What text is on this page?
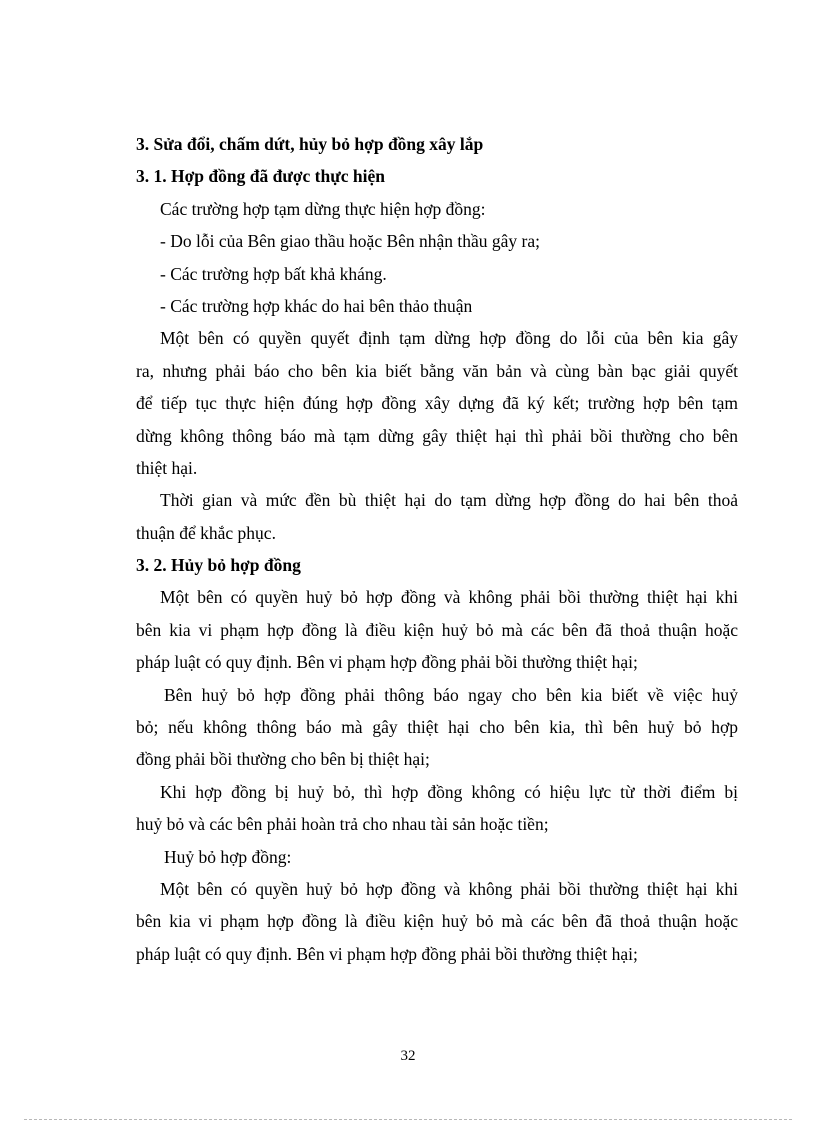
3. Sửa đổi, chấm dứt, hủy bỏ hợp đồng xây lắp
3. 1. Hợp đồng đã được thực hiện
Các trường hợp tạm dừng thực hiện hợp đồng:
- Do lỗi của Bên giao thầu hoặc Bên nhận thầu gây ra;
- Các trường hợp bất khả kháng.
- Các trường hợp khác do hai bên thảo thuận
Một bên có quyền quyết định tạm dừng hợp đồng do lỗi của bên kia gây
ra, nhưng phải báo cho bên kia biết bằng văn bản và cùng bàn bạc giải quyết
để tiếp tục thực hiện đúng hợp đồng xây dựng đã ký kết; trường hợp bên tạm
dừng không thông báo mà tạm dừng gây thiệt hại thì phải bồi thường cho bên
thiệt hại.
Thời gian và mức đền bù thiệt hại do tạm dừng hợp đồng do hai bên thoả
thuận để khắc phục.
3. 2. Hủy bỏ hợp đồng
Một bên có quyền huỷ bỏ hợp đồng và không phải bồi thường thiệt hại khi
bên kia vi phạm hợp đồng là điều kiện huỷ bỏ mà các bên đã thoả thuận hoặc
pháp luật có quy định. Bên vi phạm hợp đồng phải bồi thường thiệt hại;
Bên huỷ bỏ hợp đồng phải thông báo ngay cho bên kia biết về việc huỷ
bỏ; nếu không thông báo mà gây thiệt hại cho bên kia, thì bên huỷ bỏ hợp
đồng phải bồi thường cho bên bị thiệt hại;
Khi hợp đồng bị huỷ bỏ, thì hợp đồng không có hiệu lực từ thời điểm bị
huỷ bỏ và các bên phải hoàn trả cho nhau tài sản hoặc tiền;
Huỷ bỏ hợp đồng:
Một bên có quyền huỷ bỏ hợp đồng và không phải bồi thường thiệt hại khi
bên kia vi phạm hợp đồng là điều kiện huỷ bỏ mà các bên đã thoả thuận hoặc
pháp luật có quy định. Bên vi phạm hợp đồng phải bồi thường thiệt hại;
32
